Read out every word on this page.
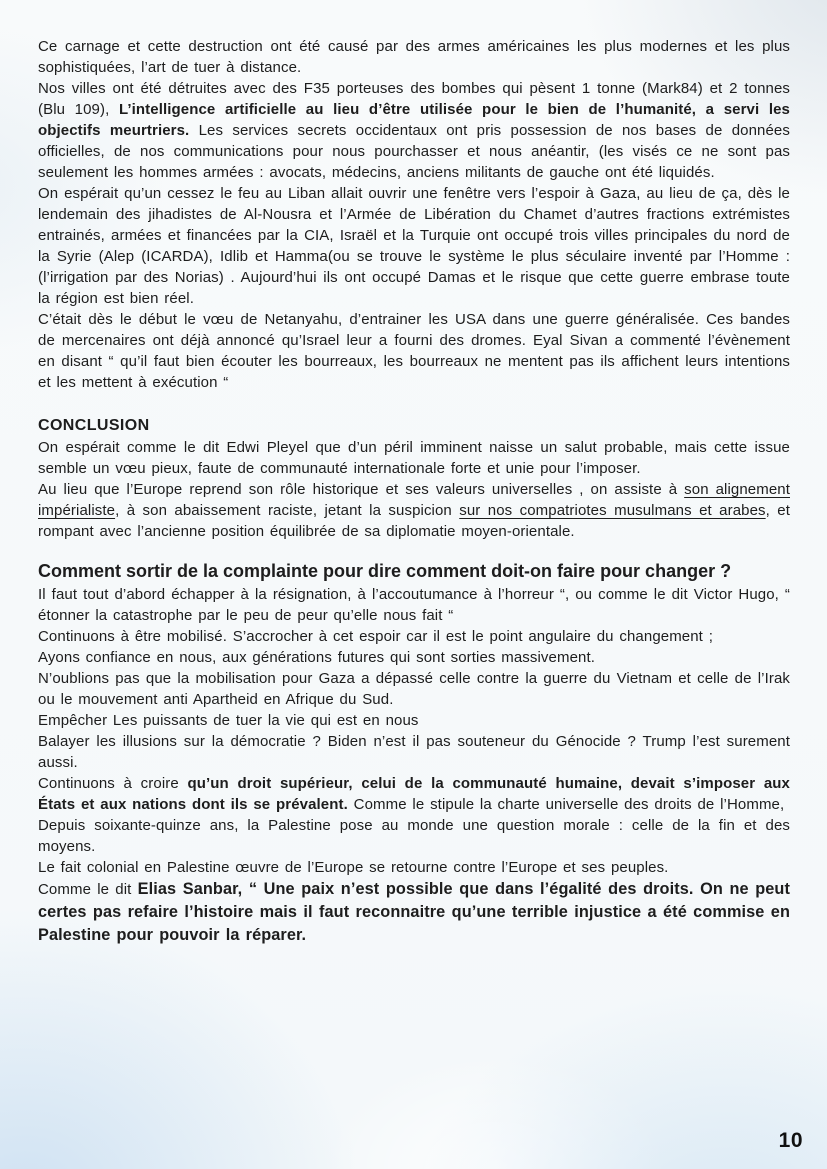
Ce carnage et cette destruction ont été causé par des armes américaines les plus modernes et les plus sophistiquées, l’art de tuer à distance.
Nos villes ont été détruites avec des F35 porteuses des bombes qui pèsent 1 tonne (Mark84) et 2 tonnes (Blu 109), L’intelligence artificielle au lieu d’être utilisée pour le bien de l’humanité, a servi les objectifs meurtriers. Les services secrets occidentaux ont pris possession de nos bases de données officielles, de nos communications pour nous pourchasser et nous anéantir, (les visés ce ne sont pas seulement les hommes armées : avocats, médecins, anciens militants de gauche ont été liquidés.

On espérait qu’un cessez le feu au Liban allait ouvrir une fenêtre vers l’espoir à Gaza, au lieu de ça, dès le lendemain des jihadistes de Al-Nousra et l’Armée de Libération du Chamet d’autres fractions extrémistes entrainés, armées et financées par la CIA, Israël et la Turquie ont occupé trois villes principales du nord de la Syrie (Alep (ICARDA), Idlib et Hamma(ou se trouve le système le plus séculaire inventé par l’Homme : (l’irrigation par des Norias) . Aujourd’hui ils ont occupé Damas et le risque que cette guerre embrase toute la région est bien réel.

C’était dès le début le vœu de Netanyahu, d’entrainer les USA dans une guerre généralisée. Ces bandes de mercenaires ont déjà annoncé qu’Israel leur a fourni des dromes. Eyal Sivan a commenté l’évènement en disant “ qu’il faut bien écouter les bourreaux, les bourreaux ne mentent pas ils affichent leurs intentions et les mettent à exécution “

CONCLUSION

On espérait comme le dit Edwi Pleyel que d’un péril imminent naisse un salut probable, mais cette issue semble un vœu pieux, faute de communauté internationale forte et unie pour l’imposer.
Au lieu que l’Europe reprend son rôle historique et ses valeurs universelles , on assiste à son alignement impérialiste, à son abaissement raciste, jetant la suspicion sur nos compatriotes musulmans et arabes, et rompant avec l’ancienne position équilibrée de sa diplomatie moyen-orientale.

Comment sortir de la complainte pour dire comment doit-on faire pour changer ?

Il faut tout d’abord échapper à la résignation, à l’accoutumance à l’horreur “, ou comme le dit Victor Hugo, “ étonner la catastrophe par le peu de peur qu’elle nous fait “
Continuons à être mobilisé. S’accrocher à cet espoir car il est le point angulaire du changement ;
Ayons confiance en nous, aux générations futures qui sont sorties massivement.
N’oublions pas que la mobilisation pour Gaza a dépassé celle contre la guerre du Vietnam et celle de l’Irak ou le mouvement anti Apartheid en Afrique du Sud.
Empêcher Les puissants de tuer la vie qui est en nous
Balayer les illusions sur la démocratie ? Biden n’est il pas souteneur du Génocide ? Trump l’est surement aussi.
Continuons à croire qu’un droit supérieur, celui de la communauté humaine, devait s’imposer aux États et aux nations dont ils se prévalent. Comme le stipule la charte universelle des droits de l’Homme,
Depuis soixante-quinze ans, la Palestine pose au monde une question morale : celle de la fin et des moyens.

Le fait colonial en Palestine œuvre de l’Europe se retourne contre l’Europe et ses peuples.
Comme le dit Elias Sanbar, “ Une paix n’est possible que dans l’égalité des droits. On ne peut certes pas refaire l’histoire mais il faut reconnaitre qu’une terrible injustice a été commise en Palestine pour pouvoir la réparer.

10
